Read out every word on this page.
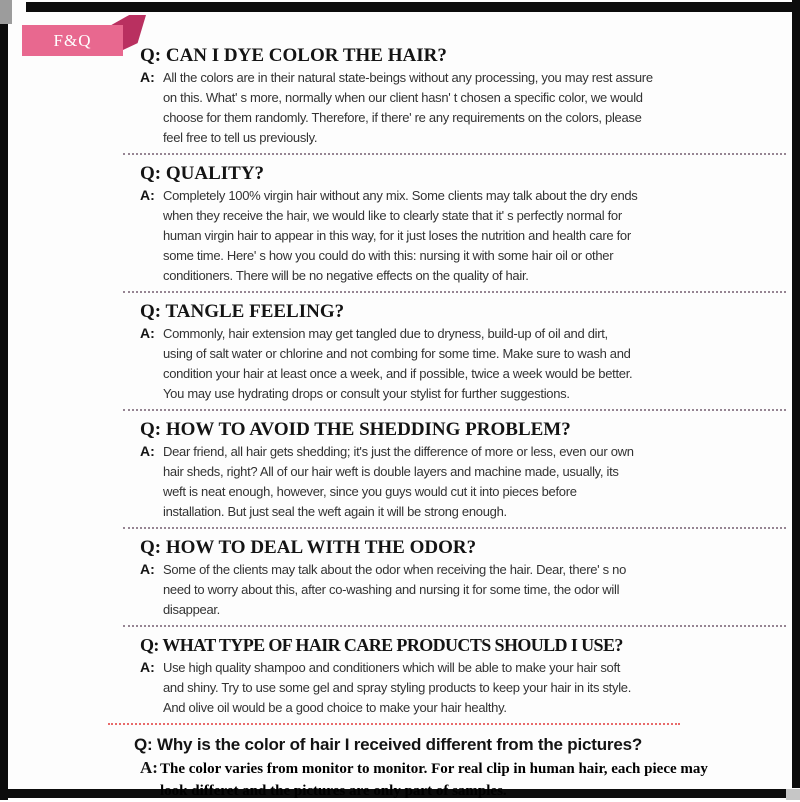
F&Q
Q: CAN I DYE COLOR THE HAIR?
A: All the colors are in their natural state-beings without any processing, you may rest assure
on this. What' s more, normally when our client hasn' t chosen a specific color, we would
choose for them randomly. Therefore, if there' re any requirements on the colors, please
feel free to tell us previously.
Q: QUALITY?
A: Completely 100% virgin hair without any mix. Some clients may talk about the dry ends
when they receive the hair, we would like to clearly state that it' s perfectly normal for
human virgin hair to appear in this way, for it just loses the nutrition and health care for
some time. Here' s how you could do with this: nursing it with some hair oil or other
conditioners. There will be no negative effects on the quality of hair.
Q: TANGLE FEELING?
A: Commonly, hair extension may get tangled due to dryness, build-up of oil and dirt,
using of salt water or chlorine and not combing for some time. Make sure to wash and
condition your hair at least once a week, and if possible, twice a week would be better.
You may use hydrating drops or consult your stylist for further suggestions.
Q: HOW TO AVOID THE SHEDDING PROBLEM?
A: Dear friend, all hair gets shedding; it's just the difference of more or less, even our own
hair sheds, right? All of our hair weft is double layers and machine made, usually, its
weft is neat enough, however, since you guys would cut it into pieces before
installation. But just seal the weft again it will be strong enough.
Q: HOW TO DEAL WITH THE ODOR?
A: Some of the clients may talk about the odor when receiving the hair. Dear, there' s no
need to worry about this, after co-washing and nursing it for some time, the odor will
disappear.
Q: WHAT TYPE OF HAIR CARE PRODUCTS SHOULD I USE?
A: Use high quality shampoo and conditioners which will be able to make your hair soft
and shiny. Try to use some gel and spray styling products to keep your hair in its style.
And olive oil would be a good choice to make your hair healthy.
Q: Why is the color of hair I received different from the pictures?
A: The color varies from monitor to monitor. For real clip in human hair, each piece may
look differet and the pictures are only part of samples.
